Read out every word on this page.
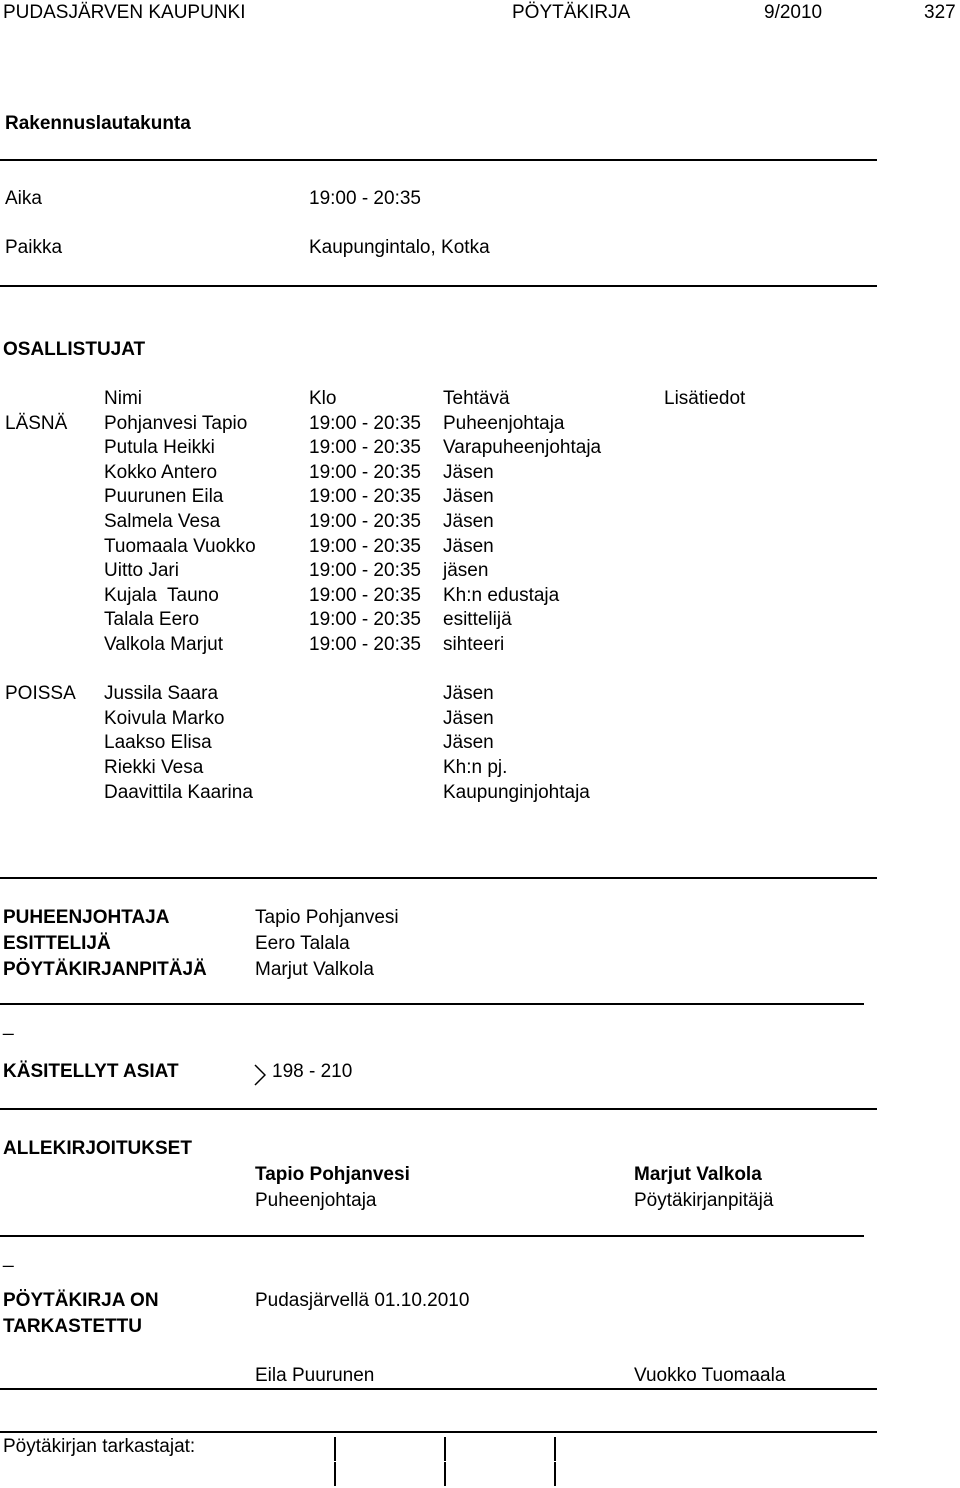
PUDASJÄRVEN KAUPUNKI	PÖYTÄKIRJA	9/2010	327
Rakennuslautakunta
Aika	19:00 - 20:35
Paikka	Kaupungintalo, Kotka
OSALLISTUJAT
Nimi	Klo	Tehtävä	Lisätiedot
LÄSNÄ Pohjanvesi Tapio	19:00 - 20:35 Puheenjohtaja
Putula Heikki	19:00 - 20:35 Varapuheenjohtaja
Kokko Antero	19:00 - 20:35 Jäsen
Puurunen Eila	19:00 - 20:35 Jäsen
Salmela Vesa	19:00 - 20:35 Jäsen
Tuomaala Vuokko	19:00 - 20:35 Jäsen
Uitto Jari	19:00 - 20:35 jäsen
Kujala  Tauno	19:00 - 20:35 Kh:n edustaja
Talala Eero	19:00 - 20:35 esittelijä
Valkola Marjut	19:00 - 20:35 sihteeri
POISSA Jussila Saara	Jäsen
Koivula Marko	Jäsen
Laakso Elisa	Jäsen
Riekki Vesa	Kh:n pj.
Daavittila Kaarina	Kaupunginjohtaja
PUHEENJOHTAJA	Tapio Pohjanvesi
ESITTELIJÄ	Eero Talala
PÖYTÄKIRJANPITÄJÄ	Marjut Valkola
_
KÄSITELLYT ASIAT	198 - 210
ALLEKIRJOITUKSET
Tapio Pohjanvesi
Puheenjohtaja
Marjut Valkola
Pöytäkirjanpitäjä
_
PÖYTÄKIRJA ON
TARKASTETTU
Pudasjärvellä 01.10.2010
Eila Puurunen	Vuokko Tuomaala
Pöytäkirjan tarkastajat:
